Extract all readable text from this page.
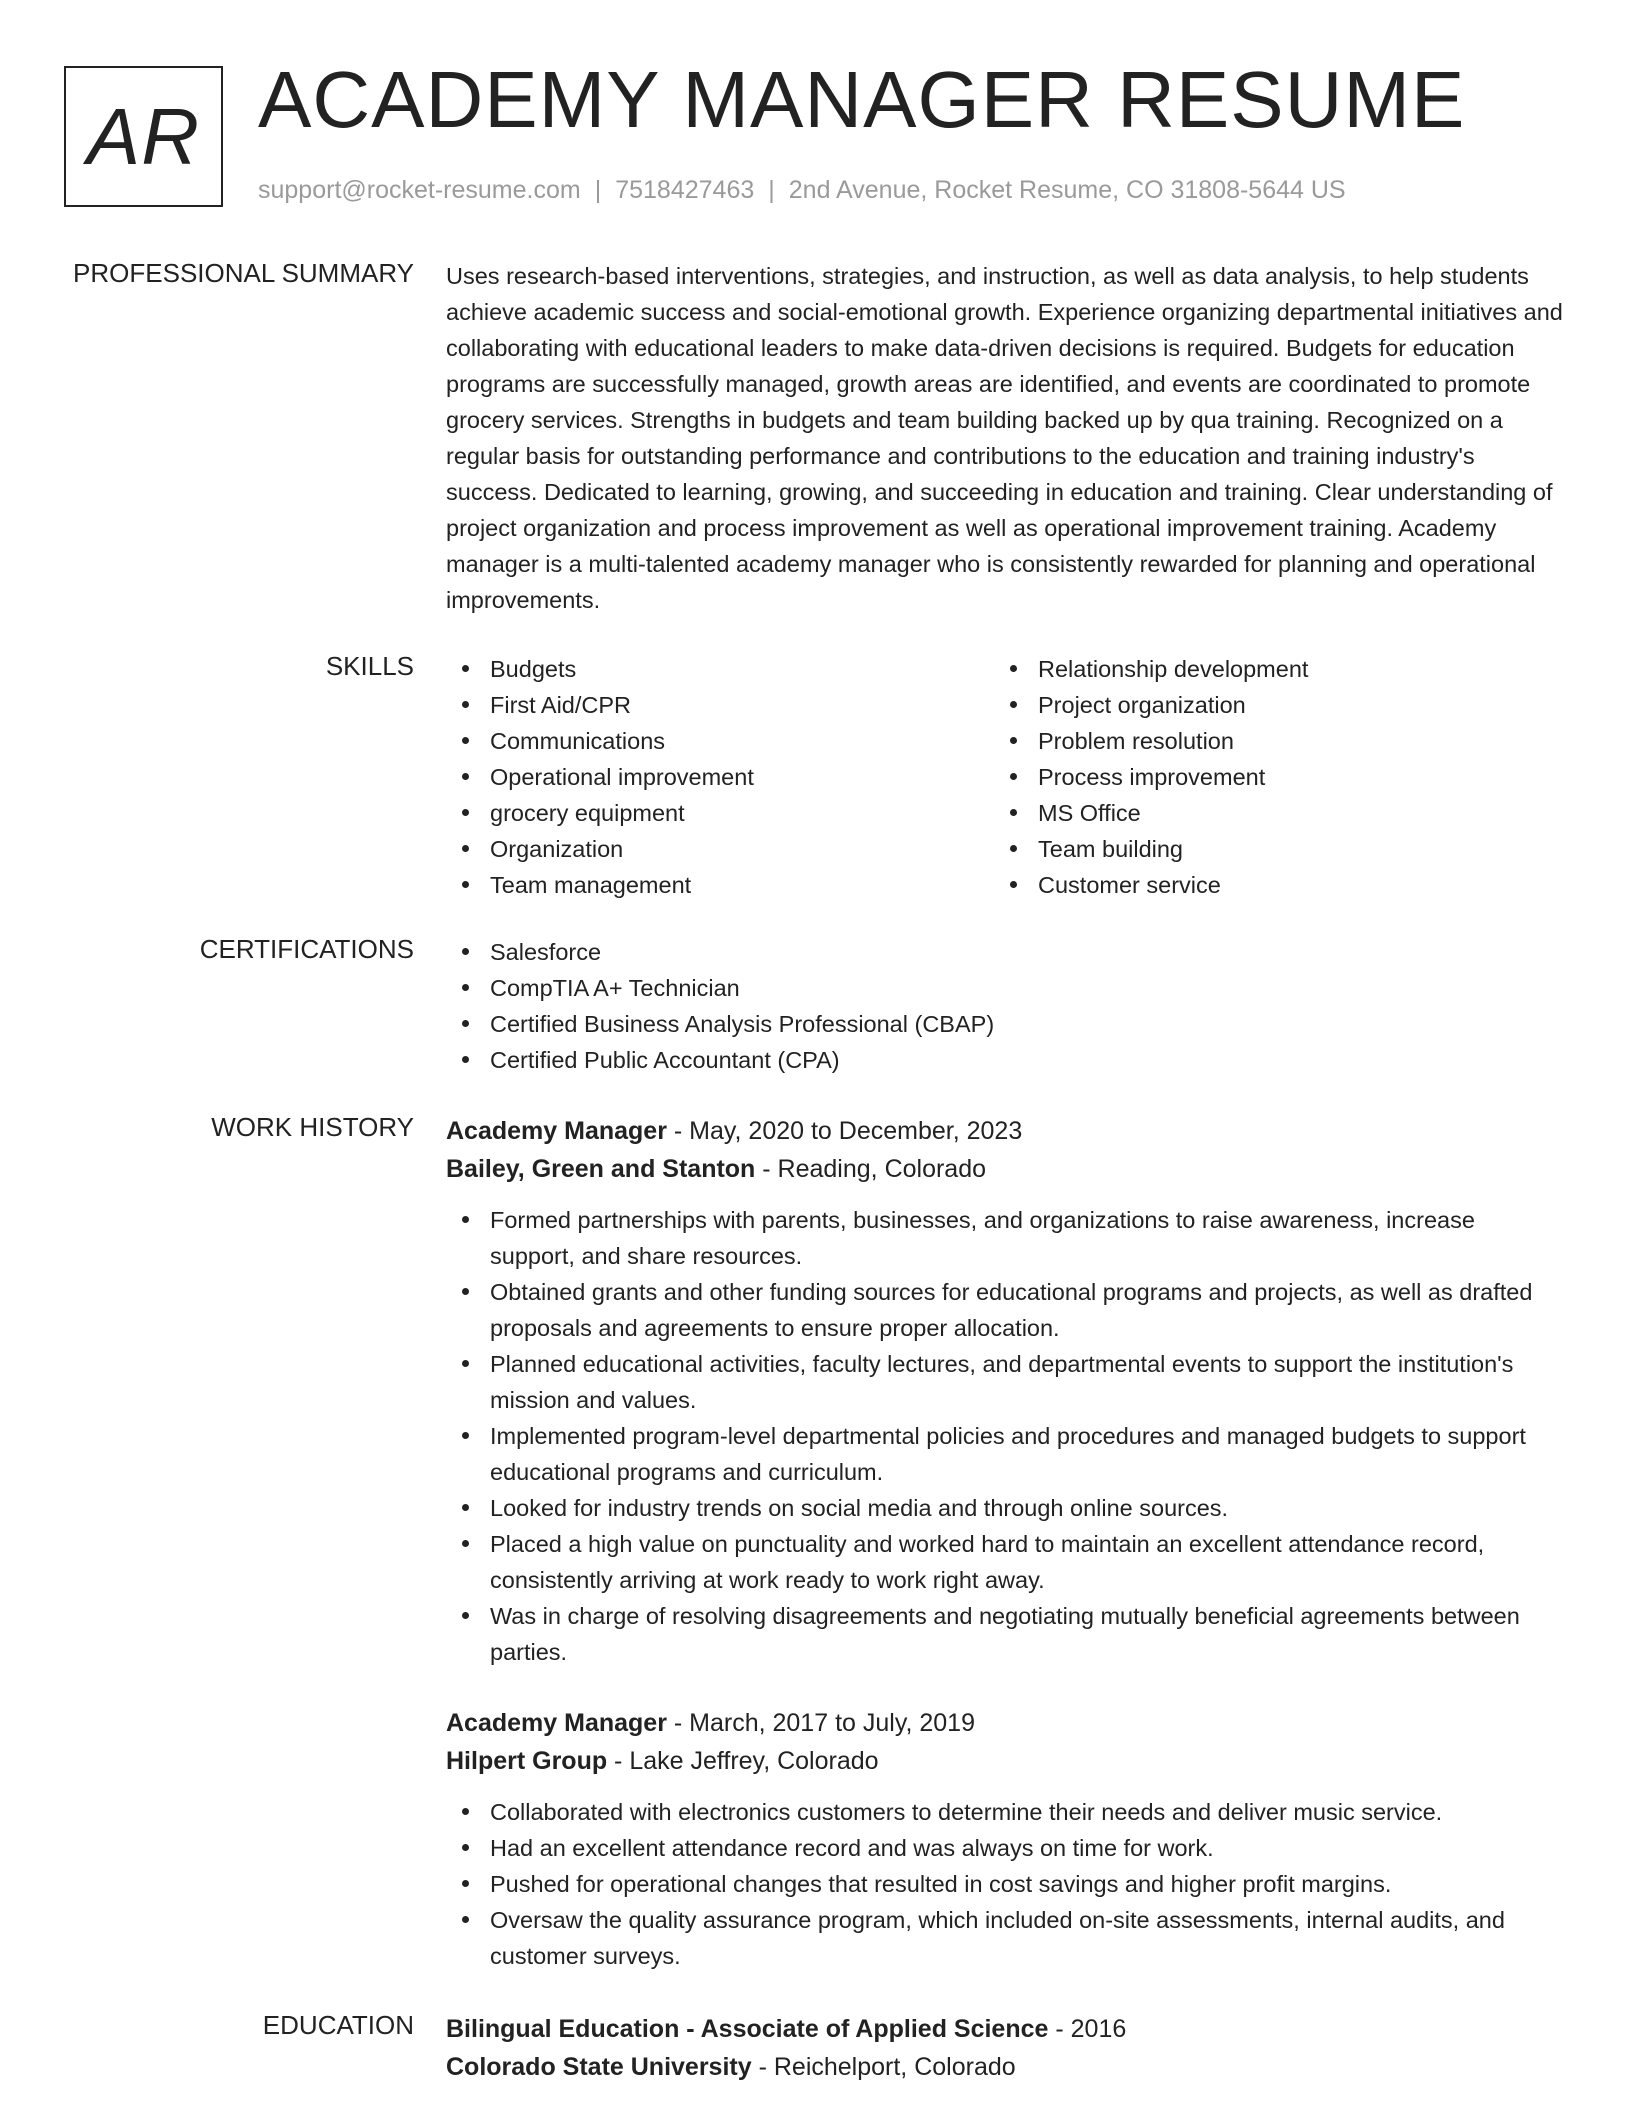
AR ACADEMY MANAGER RESUME
support@rocket-resume.com | 7518427463 | 2nd Avenue, Rocket Resume, CO 31808-5644 US
PROFESSIONAL SUMMARY Uses research-based interventions, strategies, and instruction, as well as data analysis, to help students achieve academic success and social-emotional growth. Experience organizing departmental initiatives and collaborating with educational leaders to make data-driven decisions is required. Budgets for education programs are successfully managed, growth areas are identified, and events are coordinated to promote grocery services. Strengths in budgets and team building backed up by qua training. Recognized on a regular basis for outstanding performance and contributions to the education and training industry's success. Dedicated to learning, growing, and succeeding in education and training. Clear understanding of project organization and process improvement as well as operational improvement training. Academy manager is a multi-talented academy manager who is consistently rewarded for planning and operational improvements.

SKILLS	Budgets
First Aid/CPR
Communications
Operational improvement
grocery equipment
Organization
Team management
Relationship development
Project organization
Problem resolution
Process improvement
MS Office
Team building
Customer service
CERTIFICATIONS	Salesforce
CompTIA A+ Technician
Certified Business Analysis Professional (CBAP)
Certified Public Accountant (CPA)
WORK HISTORY Academy Manager - May, 2020 to December, 2023
Bailey, Green and Stanton - Reading, Colorado
Formed partnerships with parents, businesses, and organizations to raise awareness, increase support, and share resources.
Obtained grants and other funding sources for educational programs and projects, as well as drafted proposals and agreements to ensure proper allocation.
Planned educational activities, faculty lectures, and departmental events to support the institution's mission and values.
Implemented program-level departmental policies and procedures and managed budgets to support educational programs and curriculum.
Looked for industry trends on social media and through online sources.
Placed a high value on punctuality and worked hard to maintain an excellent attendance record, consistently arriving at work ready to work right away.
Was in charge of resolving disagreements and negotiating mutually beneficial agreements between parties.
Academy Manager - March, 2017 to July, 2019
Hilpert Group - Lake Jeffrey, Colorado
Collaborated with electronics customers to determine their needs and deliver music service.
Had an excellent attendance record and was always on time for work.
Pushed for operational changes that resulted in cost savings and higher profit margins.
Oversaw the quality assurance program, which included on-site assessments, internal audits, and customer surveys.
EDUCATION Bilingual Education - Associate of Applied Science - 2016
Colorado State University - Reichelport, Colorado
